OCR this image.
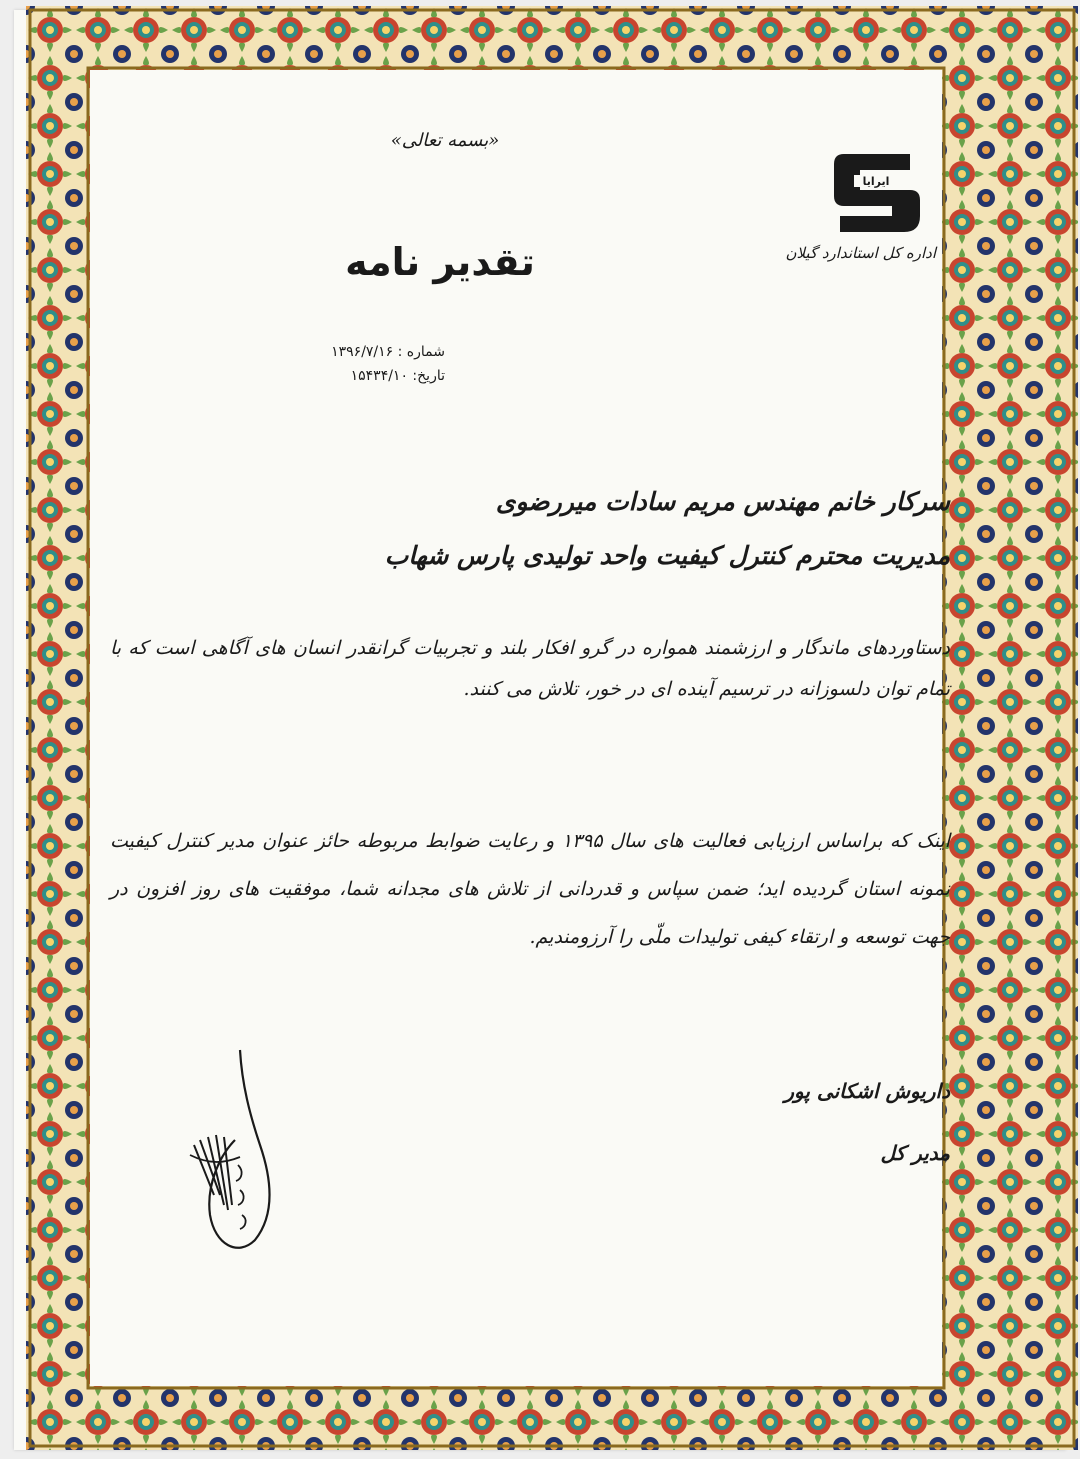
«بسمه تعالی»
ایرایا
اداره کل استاندارد گیلان
تقدیر نامه
شماره : ۱۳۹۶/۷/۱۶
تاریخ: ۱۵۴۳۴/۱۰
سرکار خانم مهندس مریم سادات میررضوی
مدیریت محترم کنترل کیفیت واحد تولیدی پارس شهاب
دستاوردهای ماندگار و ارزشمند همواره در گرو افکار بلند و تجربیات گرانقدر انسان های آگاهی است که با تمام توان دلسوزانه در ترسیم آینده ای در خور، تلاش می کنند.
اینک که براساس ارزیابی فعالیت های سال ۱۳۹۵ و رعایت ضوابط مربوطه حائز عنوان مدیر کنترل کیفیت نمونه استان گردیده اید؛ ضمن سپاس و قدردانی از تلاش های مجدانه شما، موفقیت های روز افزون در جهت توسعه و ارتقاء کیفی تولیدات ملّی را آرزومندیم.
داریوش اشکانی پور
مدیر کل
